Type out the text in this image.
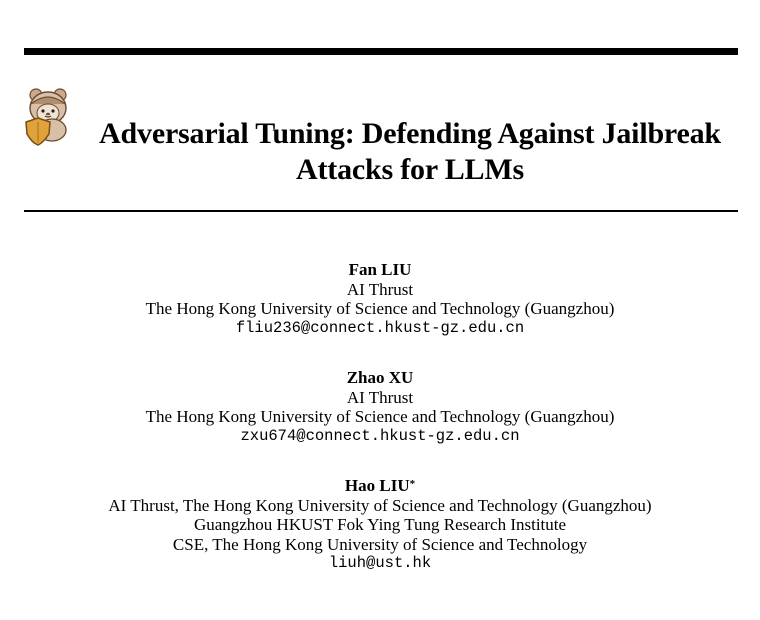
Adversarial Tuning: Defending Against Jailbreak
Attacks for LLMs
Fan LIU
AI Thrust
The Hong Kong University of Science and Technology (Guangzhou)
fliu236@connect.hkust-gz.edu.cn
Zhao XU
AI Thrust
The Hong Kong University of Science and Technology (Guangzhou)
zxu674@connect.hkust-gz.edu.cn
Hao LIU*
AI Thrust, The Hong Kong University of Science and Technology (Guangzhou)
Guangzhou HKUST Fok Ying Tung Research Institute
CSE, The Hong Kong University of Science and Technology
liuh@ust.hk
